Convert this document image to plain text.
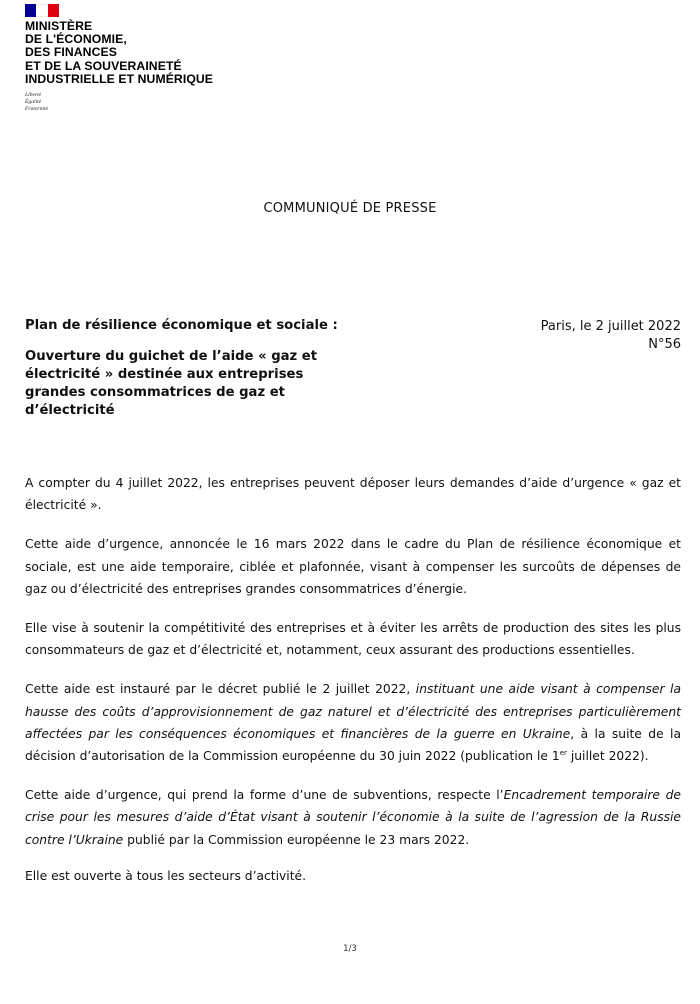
MINISTÈRE
DE L'ÉCONOMIE,
DES FINANCES
ET DE LA SOUVERAINETÉ
INDUSTRIELLE ET NUMÉRIQUE
Liberté
Égalité
Fraternité
COMMUNIQUÉ DE PRESSE
Plan de résilience économique et sociale :
Ouverture du guichet de l’aide « gaz et électricité » destinée aux entreprises grandes consommatrices de gaz et d’électricité
Paris, le 2 juillet 2022
N°56

A compter du 4 juillet 2022, les entreprises peuvent déposer leurs demandes d’aide d’urgence « gaz et électricité ».

Cette aide d’urgence, annoncée le 16 mars 2022 dans le cadre du Plan de résilience économique et sociale, est une aide temporaire, ciblée et plafonnée, visant à compenser les surcoûts de dépenses de gaz ou d’électricité des entreprises grandes consommatrices d’énergie.

Elle vise à soutenir la compétitivité des entreprises et à éviter les arrêts de production des sites les plus consommateurs de gaz et d’électricité et, notamment, ceux assurant des productions essentielles.

Cette aide est instauré par le décret publié le 2 juillet 2022, instituant une aide visant à compenser la hausse des coûts d’approvisionnement de gaz naturel et d’électricité des entreprises particulièrement affectées par les conséquences économiques et financières de la guerre en Ukraine, à la suite de la décision d’autorisation de la Commission européenne du 30 juin 2022 (publication le 1er juillet 2022).

Cette aide d’urgence, qui prend la forme d’une de subventions, respecte l’Encadrement temporaire de crise pour les mesures d’aide d’État visant à soutenir l’économie à la suite de l’agression de la Russie contre l’Ukraine publié par la Commission européenne le 23 mars 2022.

Elle est ouverte à tous les secteurs d’activité.

1/3
